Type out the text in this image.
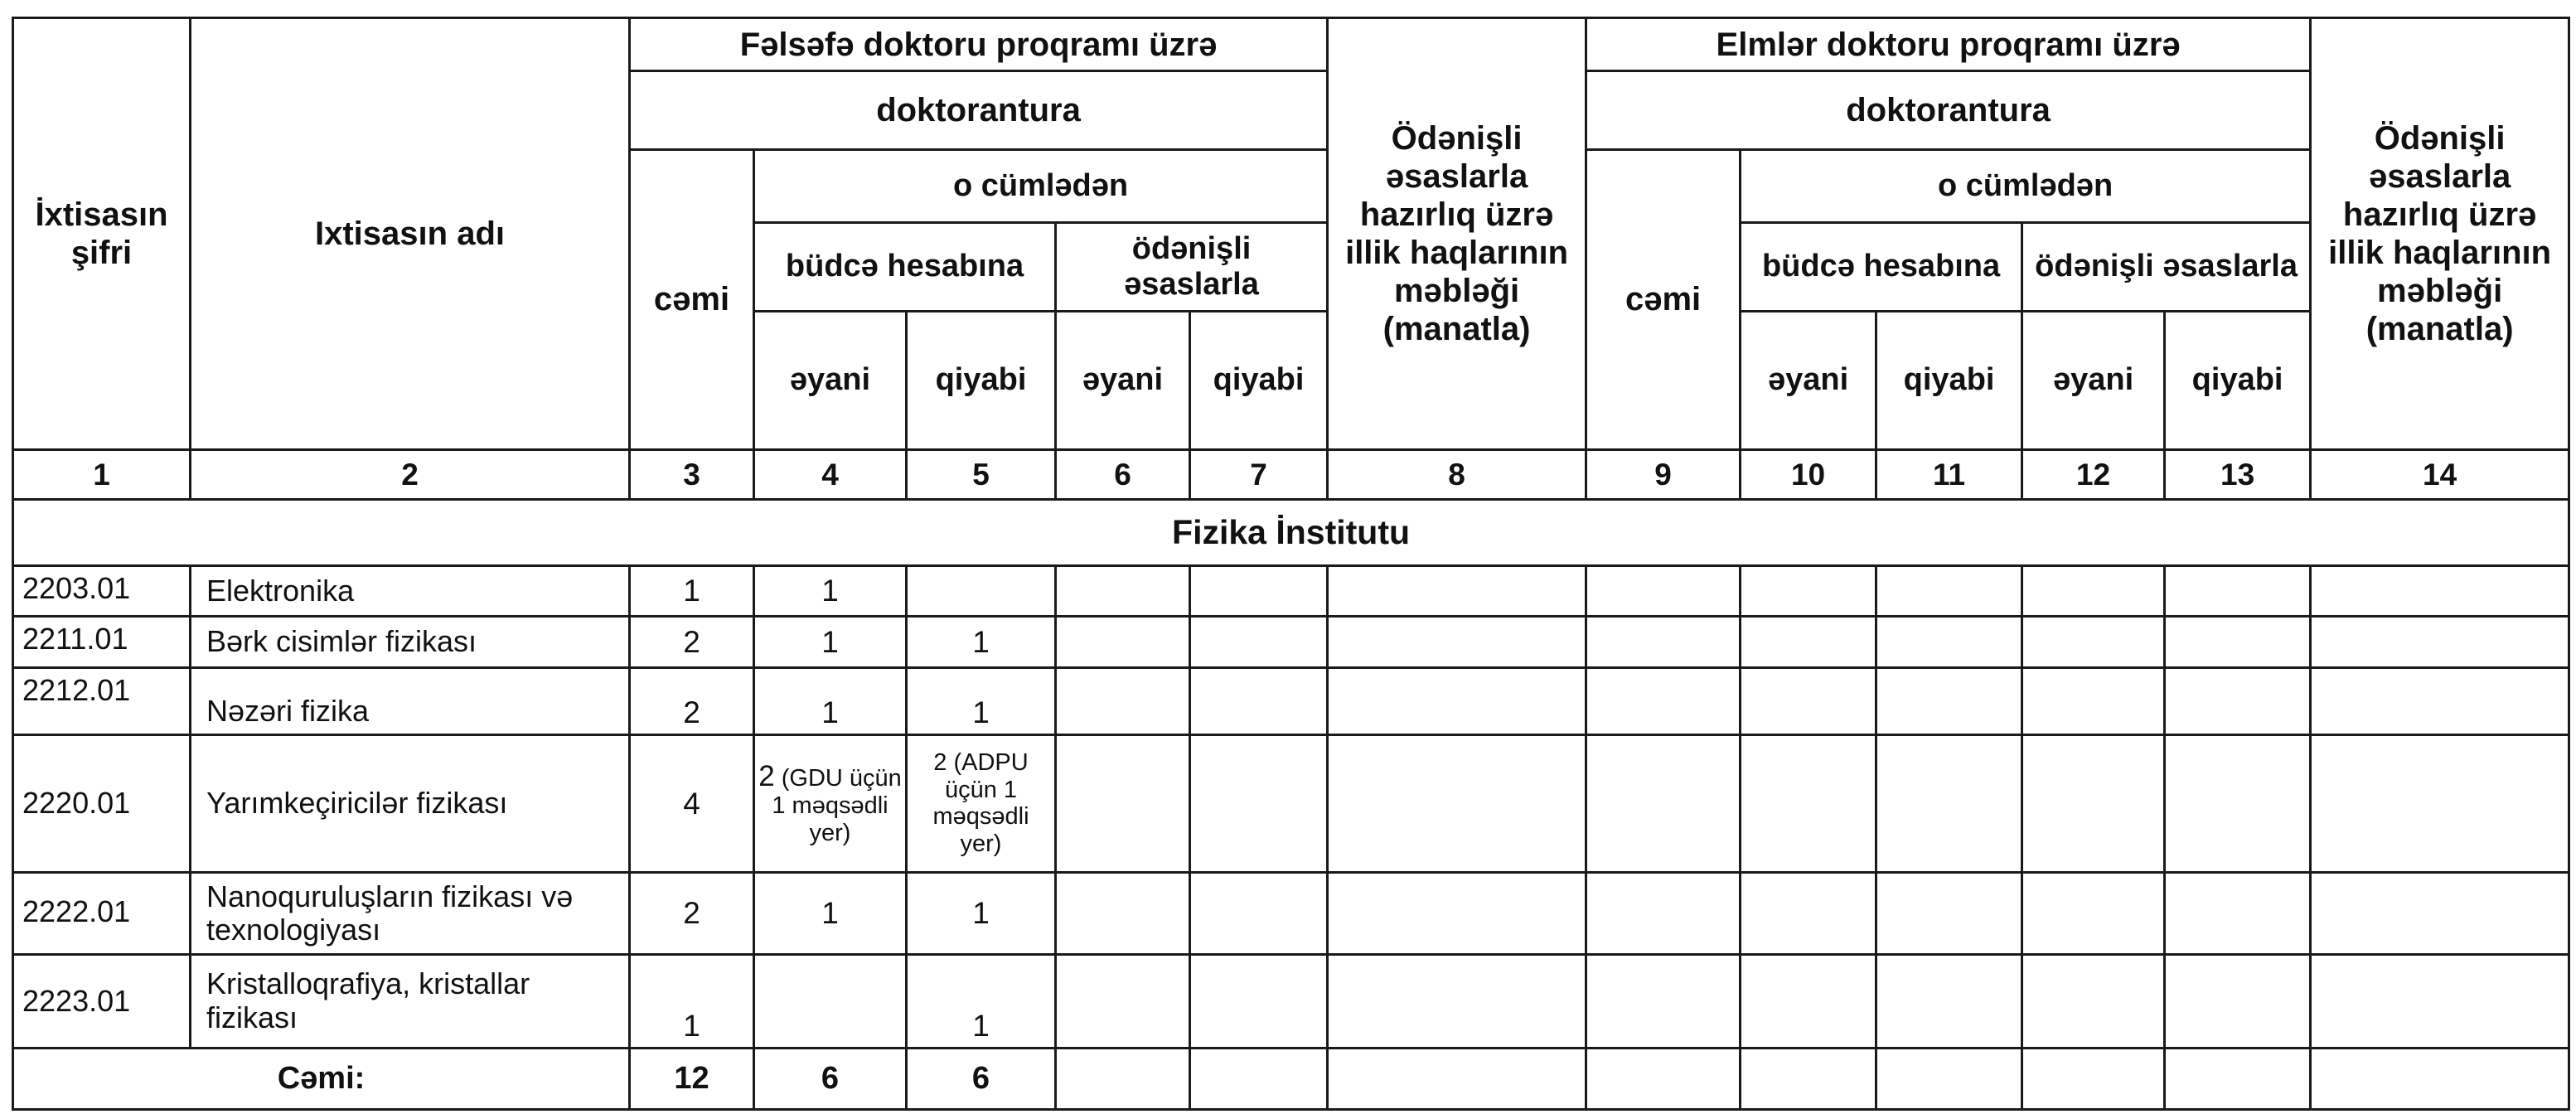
İxtisasın şifri	Ixtisasın adı	Fəlsəfə doktoru proqramı üzrə					Ödənişli əsaslarla hazırlıq üzrə illik haqlarının məbləği (manatla)	Elmlər doktoru proqramı üzrə					Ödənişli əsaslarla hazırlıq üzrə illik haqlarının məbləği (manatla)
		doktorantura						doktorantura					
		cəmi	o cümlədən					cəmi	o cümlədən				
			büdcə hesabına		ödənişli əsaslarla				büdcə hesabına		ödənişli əsaslarla		
			əyani	qiyabi	əyani	qiyabi			əyani	qiyabi	əyani	qiyabi	
1	2	3	4	5	6	7	8	9	10	11	12	13	14
Fizika İnstitutu													
2203.01	Elektronika	1	1										
2211.01	Bərk cisimlər fizikası	2	1	1									
2212.01	Nəzəri fizika	2	1	1									
2220.01	Yarımkeçiricilər fizikası	4	2 (GDU üçün 1 məqsədli yer)	2 (ADPU üçün 1 məqsədli yer)									
2222.01	Nanoquruluşların fizikası və texnologiyası	2	1	1									
2223.01	Kristalloqrafiya, kristallar fizikası	1		1									
Cəmi:		12	6	6									
